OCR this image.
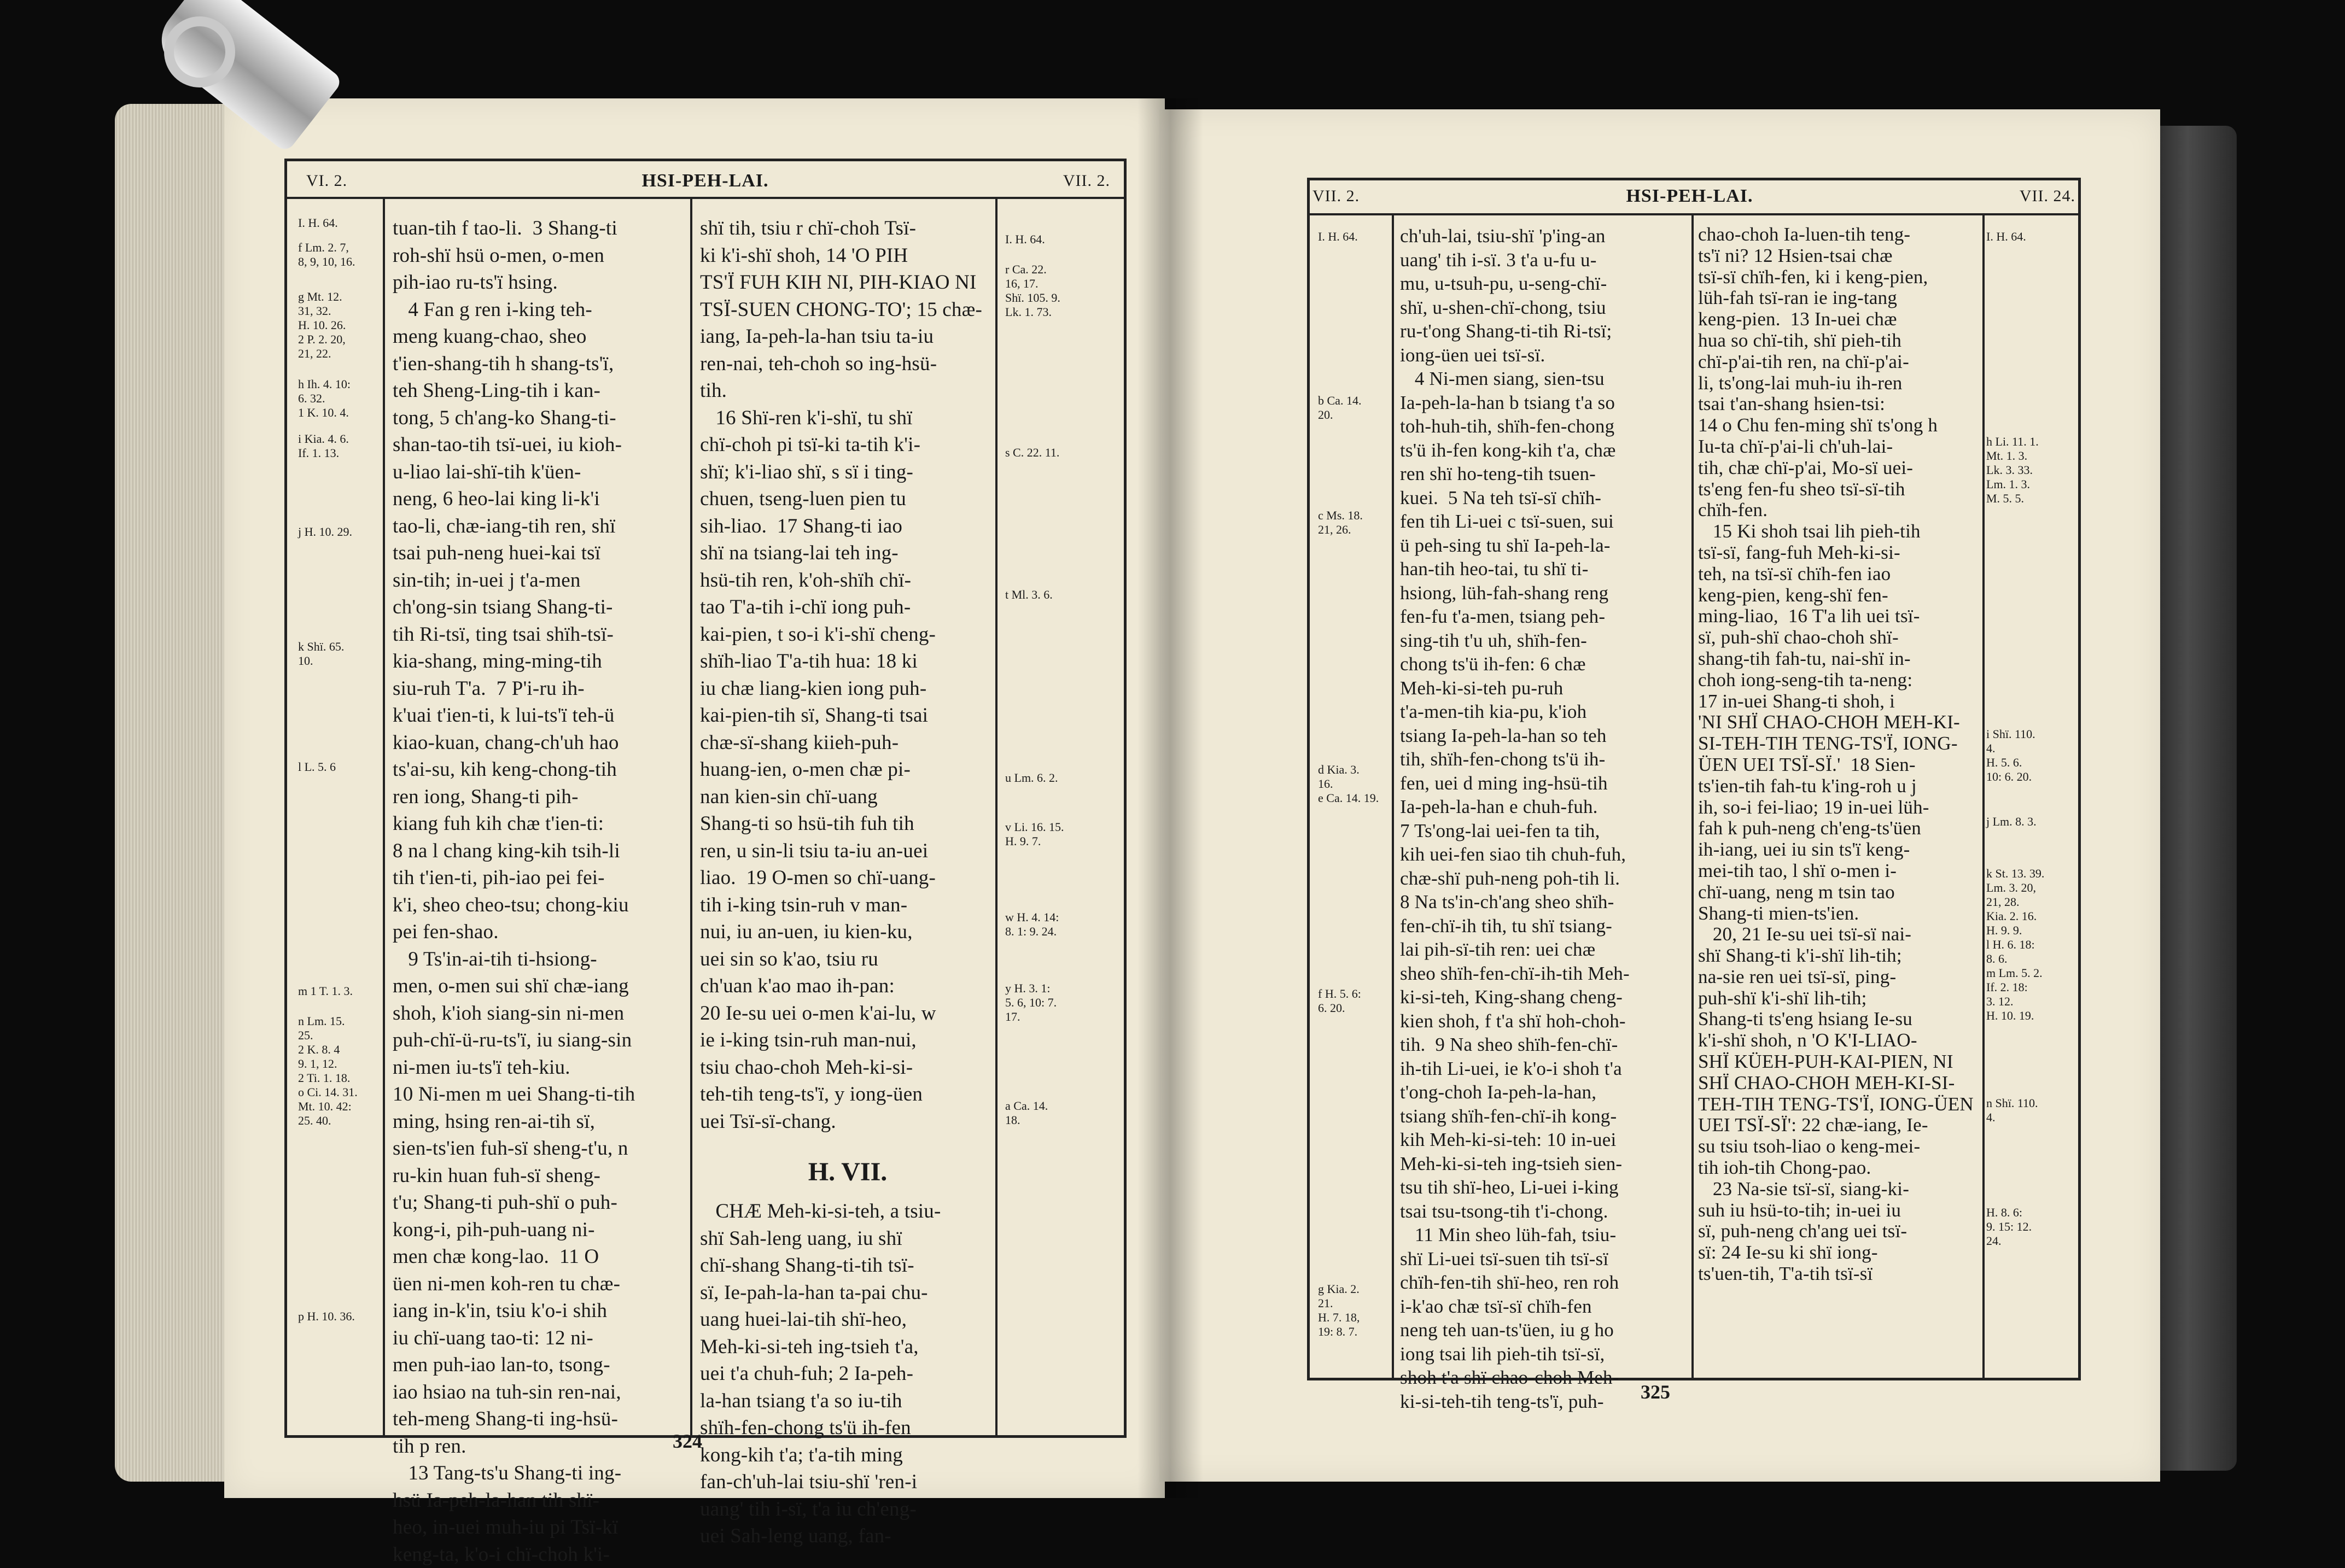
VI. 2.	HSI-PEH-LAI.	VII. 2.
I. H. 64.
f Lm. 2. 7,
8, 9, 10, 16.
g Mt. 12.
31, 32.
H. 10. 26.
2 P. 2. 20,
21, 22.
h Ih. 4. 10:
6. 32.
1 K. 10. 4.
i Kia. 4. 6.
If. 1. 13.
j H. 10. 29.
k Shï. 65.
10.
l L. 5. 6
m 1 T. 1. 3.
n Lm. 15.
25.
2 K. 8. 4
9. 1, 12.
2 Ti. 1. 18.
o Ci. 14. 31.
Mt. 10. 42:
25. 40.
p H. 10. 36.
I. H. 64.
r Ca. 22.
16, 17.
Shï. 105. 9.
Lk. 1. 73.
s C. 22. 11.
t Ml. 3. 6.
u Lm. 6. 2.
v Li. 16. 15.
H. 9. 7.
w H. 4. 14:
8. 1: 9. 24.
y H. 3. 1:
5. 6, 10: 7.
17.
a Ca. 14.
18.
tuan-tih f tao-li.  3 Shang-ti
roh-shï hsü o-men, o-men
pih-iao ru-ts'ï hsing.
4 Fan g ren i-king teh-
meng kuang-chao, sheo
t'ien-shang-tih h shang-ts'ï,
teh Sheng-Ling-tih i kan-
tong, 5 ch'ang-ko Shang-ti-
shan-tao-tih tsï-uei, iu kioh-
u-liao lai-shï-tih k'üen-
neng, 6 heo-lai king li-k'i
tao-li, chæ-iang-tih ren, shï
tsai puh-neng huei-kai tsï
sin-tih; in-uei j t'a-men
ch'ong-sin tsiang Shang-ti-
tih Ri-tsï, ting tsai shïh-tsï-
kia-shang, ming-ming-tih
siu-ruh T'a.  7 P'i-ru ih-
k'uai t'ien-ti, k lui-ts'ï teh-ü
kiao-kuan, chang-ch'uh hao
ts'ai-su, kih keng-chong-tih
ren iong, Shang-ti pih-
kiang fuh kih chæ t'ien-ti:
8 na l chang king-kih tsih-li
tih t'ien-ti, pih-iao pei fei-
k'i, sheo cheo-tsu; chong-kiu
pei fen-shao.
9 Ts'in-ai-tih ti-hsiong-
men, o-men sui shï chæ-iang
shoh, k'ioh siang-sin ni-men
puh-chï-ü-ru-ts'ï, iu siang-sin
ni-men iu-ts'ï teh-kiu.
10 Ni-men m uei Shang-ti-tih
ming, hsing ren-ai-tih sï,
sien-ts'ien fuh-sï sheng-t'u, n
ru-kin huan fuh-sï sheng-
t'u; Shang-ti puh-shï o puh-
kong-i, pih-puh-uang ni-
men chæ kong-lao.  11 O
üen ni-men koh-ren tu chæ-
iang in-k'in, tsiu k'o-i shih
iu chï-uang tao-ti: 12 ni-
men puh-iao lan-to, tsong-
iao hsiao na tuh-sin ren-nai,
teh-meng Shang-ti ing-hsü-
tih p ren.
13 Tang-ts'u Shang-ti ing-
hsü Ia-peh-la-han tih shï-
heo, in-uei muh-iu pi Tsï-kï
keng-ta, k'o-i chï-choh k'i-
shï tih, tsiu r chï-choh Tsï-
ki k'i-shï shoh, 14 'O PIH
TS'Ï FUH KIH NI, PIH-KIAO NI
TSÏ-SUEN CHONG-TO'; 15 chæ-
iang, Ia-peh-la-han tsiu ta-iu
ren-nai, teh-choh so ing-hsü-
tih.
16 Shï-ren k'i-shï, tu shï
chï-choh pi tsï-ki ta-tih k'i-
shï; k'i-liao shï, s sï i ting-
chuen, tseng-luen pien tu
sih-liao.  17 Shang-ti iao
shï na tsiang-lai teh ing-
hsü-tih ren, k'oh-shïh chï-
tao T'a-tih i-chï iong puh-
kai-pien, t so-i k'i-shï cheng-
shïh-liao T'a-tih hua: 18 ki
iu chæ liang-kien iong puh-
kai-pien-tih sï, Shang-ti tsai
chæ-sï-shang kiieh-puh-
huang-ien, o-men chæ pi-
nan kien-sin chï-uang
Shang-ti so hsü-tih fuh tih
ren, u sin-li tsiu ta-iu an-uei
liao.  19 O-men so chï-uang-
tih i-king tsin-ruh v man-
nui, iu an-uen, iu kien-ku,
uei sin so k'ao, tsiu ru
ch'uan k'ao mao ih-pan:
20 Ie-su uei o-men k'ai-lu, w
ie i-king tsin-ruh man-nui,
tsiu chao-choh Meh-ki-si-
teh-tih teng-ts'ï, y iong-üen
uei Tsï-sï-chang.
H. VII.
CHÆ Meh-ki-si-teh, a tsiu-
shï Sah-leng uang, iu shï
chï-shang Shang-ti-tih tsï-
sï, Ie-pah-la-han ta-pai chu-
uang huei-lai-tih shï-heo,
Meh-ki-si-teh ing-tsieh t'a,
uei t'a chuh-fuh; 2 Ia-peh-
la-han tsiang t'a so iu-tih
shïh-fen-chong ts'ü ih-fen
kong-kih t'a; t'a-tih ming
fan-ch'uh-lai tsiu-shï 'ren-i
uang' tih i-sï, t'a iu ch'eng-
uei Sah-leng uang, fan-
324
VII. 2.	HSI-PEH-LAI.	VII. 24.
I. H. 64.
b Ca. 14.
20.
c Ms. 18.
21, 26.
d Kia. 3.
16.
e Ca. 14. 19.
f H. 5. 6:
6. 20.
g Kia. 2.
21.
H. 7. 18,
19: 8. 7.
I. H. 64.
h Li. 11. 1.
Mt. 1. 3.
Lk. 3. 33.
Lm. 1. 3.
M. 5. 5.
i Shï. 110.
4.
H. 5. 6.
10: 6. 20.
j Lm. 8. 3.
k St. 13. 39.
Lm. 3. 20,
21, 28.
Kia. 2. 16.
H. 9. 9.
l H. 6. 18:
8. 6.
m Lm. 5. 2.
If. 2. 18:
3. 12.
H. 10. 19.
n Shï. 110.
4.
H. 8. 6:
9. 15: 12.
24.
ch'uh-lai, tsiu-shï 'p'ing-an
uang' tih i-sï. 3 t'a u-fu u-
mu, u-tsuh-pu, u-seng-chï-
shï, u-shen-chï-chong, tsiu
ru-t'ong Shang-ti-tih Ri-tsï;
iong-üen uei tsï-sï.
4 Ni-men siang, sien-tsu
Ia-peh-la-han b tsiang t'a so
toh-huh-tih, shïh-fen-chong
ts'ü ih-fen kong-kih t'a, chæ
ren shï ho-teng-tih tsuen-
kuei.  5 Na teh tsï-sï chïh-
fen tih Li-uei c tsï-suen, sui
ü peh-sing tu shï Ia-peh-la-
han-tih heo-tai, tu shï ti-
hsiong, lüh-fah-shang reng
fen-fu t'a-men, tsiang peh-
sing-tih t'u uh, shïh-fen-
chong ts'ü ih-fen: 6 chæ
Meh-ki-si-teh pu-ruh
t'a-men-tih kia-pu, k'ioh
tsiang Ia-peh-la-han so teh
tih, shïh-fen-chong ts'ü ih-
fen, uei d ming ing-hsü-tih
Ia-peh-la-han e chuh-fuh.
7 Ts'ong-lai uei-fen ta tih,
kih uei-fen siao tih chuh-fuh,
chæ-shï puh-neng poh-tih li.
8 Na ts'in-ch'ang sheo shïh-
fen-chï-ih tih, tu shï tsiang-
lai pih-sï-tih ren: uei chæ
sheo shïh-fen-chï-ih-tih Meh-
ki-si-teh, King-shang cheng-
kien shoh, f t'a shï hoh-choh-
tih.  9 Na sheo shïh-fen-chï-
ih-tih Li-uei, ie k'o-i shoh t'a
t'ong-choh Ia-peh-la-han,
tsiang shïh-fen-chï-ih kong-
kih Meh-ki-si-teh: 10 in-uei
Meh-ki-si-teh ing-tsieh sien-
tsu tih shï-heo, Li-uei i-king
tsai tsu-tsong-tih t'i-chong.
11 Min sheo lüh-fah, tsiu-
shï Li-uei tsï-suen tih tsï-sï
chïh-fen-tih shï-heo, ren roh
i-k'ao chæ tsï-sï chïh-fen
neng teh uan-ts'üen, iu g ho
iong tsai lih pieh-tih tsï-sï,
shoh t'a shï chao-choh Meh-
ki-si-teh-tih teng-ts'ï, puh-
chao-choh Ia-luen-tih teng-
ts'ï ni? 12 Hsien-tsai chæ
tsï-sï chïh-fen, ki i keng-pien,
lüh-fah tsï-ran ie ing-tang
keng-pien.  13 In-uei chæ
hua so chï-tih, shï pieh-tih
chï-p'ai-tih ren, na chï-p'ai-
li, ts'ong-lai muh-iu ih-ren
tsai t'an-shang hsien-tsi:
14 o Chu fen-ming shï ts'ong h
Iu-ta chï-p'ai-li ch'uh-lai-
tih, chæ chï-p'ai, Mo-sï uei-
ts'eng fen-fu sheo tsï-sï-tih
chïh-fen.
15 Ki shoh tsai lih pieh-tih
tsï-sï, fang-fuh Meh-ki-si-
teh, na tsï-sï chïh-fen iao
keng-pien, keng-shï fen-
ming-liao,  16 T'a lih uei tsï-
sï, puh-shï chao-choh shï-
shang-tih fah-tu, nai-shï in-
choh iong-seng-tih ta-neng:
17 in-uei Shang-ti shoh, i
'NI SHÏ CHAO-CHOH MEH-KI-
SI-TEH-TIH TENG-TS'Ï, IONG-
ÜEN UEI TSÏ-SÏ.'  18 Sien-
ts'ien-tih fah-tu k'ing-roh u j
ih, so-i fei-liao; 19 in-uei lüh-
fah k puh-neng ch'eng-ts'üen
ih-iang, uei iu sin ts'ï keng-
mei-tih tao, l shï o-men i-
chï-uang, neng m tsin tao
Shang-ti mien-ts'ien.
20, 21 Ie-su uei tsï-sï nai-
shï Shang-ti k'i-shï lih-tih;
na-sie ren uei tsï-sï, ping-
puh-shï k'i-shï lih-tih;
Shang-ti ts'eng hsiang Ie-su
k'i-shï shoh, n 'O K'I-LIAO-
SHÏ KÜEH-PUH-KAI-PIEN, NI
SHÏ CHAO-CHOH MEH-KI-SI-
TEH-TIH TENG-TS'Ï, IONG-ÜEN
UEI TSÏ-SÏ': 22 chæ-iang, Ie-
su tsiu tsoh-liao o keng-mei-
tih ioh-tih Chong-pao.
23 Na-sie tsï-sï, siang-ki-
suh iu hsü-to-tih; in-uei iu
sï, puh-neng ch'ang uei tsï-
sï: 24 Ie-su ki shï iong-
ts'uen-tih, T'a-tih tsï-sï
325
